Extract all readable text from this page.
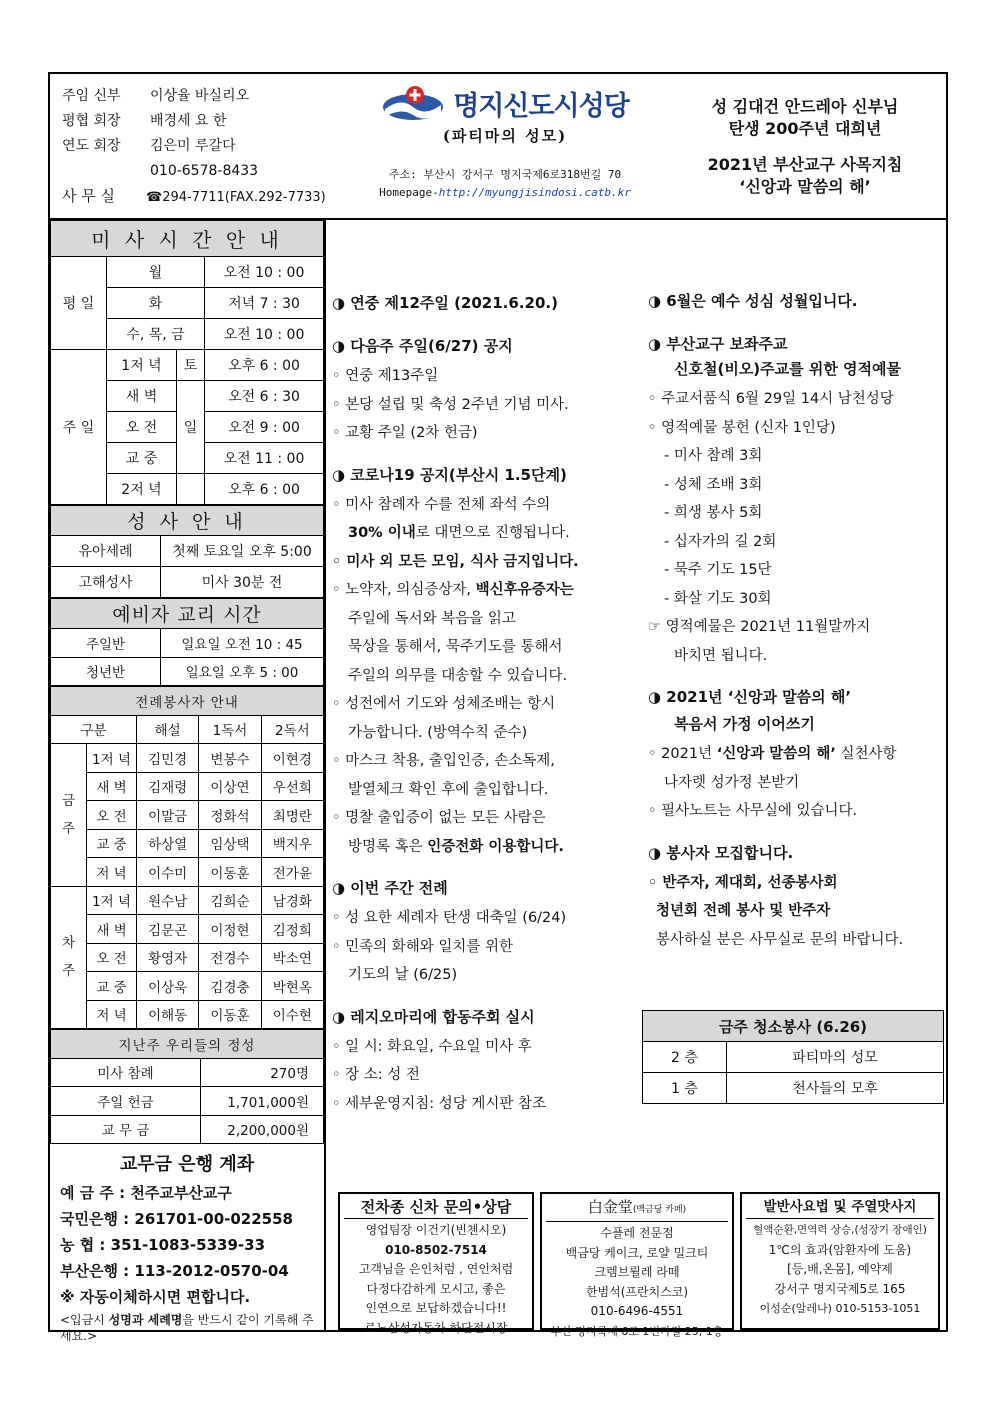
주임 신부 이상율 바실리오
평협 회장 배경세 요 한
연도 회장 김은미 루갈다
010-6578-8433
사 무 실 ☎294-7711(FAX.292-7733)
명지신도시성당
(파티마의 성모)
주소: 부산시 강서구 명지국제6로318번길 70
Homepage-http://myungjisindosi.catb.kr
성 김대건 안드레아 신부님
탄생 200주년 대희년
2021년 부산교구 사목지침
‘신앙과 말씀의 해’
미 사 시 간 안 내			
평 일	월		오전 10 : 00
	화		저녁 7 : 30
	수, 목, 금		오전 10 : 00
주 일	1저 녁	토	오후 6 : 00
	새 벽	일	오전 6 : 30
	오 전		오전 9 : 00
	교 중		오전 11 : 00
	2저 녁		오후 6 : 00
성 사 안 내	
유아세례	첫째 토요일 오후 5:00
고해성사	미사 30분 전
예비자 교리 시간	
주일반	일요일 오전 10 : 45
청년반	일요일 오후 5 : 00
전례봉사자 안내				
구분		해설	1독서	2독서
금

주	1저 녁	김민경	변봉수	이현경
	새 벽	김재령	이상연	우선희
	오 전	이말금	정화석	최명란
	교 중	하상열	임상택	백지우
	저 녁	이수미	이동훈	전가윤
차

주	1저 녁	원수남	김희순	남경화
	새 벽	김문곤	이정현	김정희
	오 전	황영자	전경수	박소연
	교 중	이상욱	김경충	박현옥
	저 녁	이해동	이동훈	이수현
지난주 우리들의 정성	
미사 참례	270명
주일 헌금	1,701,000원
교 무 금	2,200,000원
교무금 은행 계좌
예 금 주 : 천주교부산교구
국민은행 : 261701-00-022558
농 협 : 351-1083-5339-33
부산은행 : 113-2012-0570-04
※ 자동이체하시면 편합니다.
<입금시 성명과 세례명을 반드시 같이 기록해 주세요.>
◑ 연중 제12주일 (2021.6.20.)
◑ 다음주 주일(6/27) 공지
◦ 연중 제13주일
◦ 본당 설립 및 축성 2주년 기념 미사.
◦ 교황 주일 (2차 헌금)
◑ 코로나19 공지(부산시 1.5단계)
◦ 미사 참례자 수를 전체 좌석 수의
30% 이내로 대면으로 진행됩니다.
◦ 미사 외 모든 모임, 식사 금지입니다.
◦ 노약자, 의심증상자, 백신후유증자는
주일에 독서와 복음을 읽고
묵상을 통해서, 묵주기도를 통해서
주일의 의무를 대송할 수 있습니다.
◦ 성전에서 기도와 성체조배는 항시
가능합니다. (방역수칙 준수)
◦ 마스크 착용, 출입인증, 손소독제,
발열체크 확인 후에 출입합니다.
◦ 명찰 출입증이 없는 모든 사람은
방명록 혹은 인증전화 이용합니다.
◑ 이번 주간 전례
◦ 성 요한 세례자 탄생 대축일 (6/24)
◦ 민족의 화해와 일치를 위한
기도의 날 (6/25)
◑ 레지오마리에 합동주회 실시
◦ 일 시: 화요일, 수요일 미사 후
◦ 장 소: 성 전
◦ 세부운영지침: 성당 게시판 참조
◑ 6월은 예수 성심 성월입니다.
◑ 부산교구 보좌주교
신호철(비오)주교를 위한 영적예물
◦ 주교서품식 6월 29일 14시 남천성당
◦ 영적예물 봉헌 (신자 1인당)
- 미사 참례 3회
- 성체 조배 3회
- 희생 봉사 5회
- 십자가의 길 2회
- 묵주 기도 15단
- 화살 기도 30회
☞ 영적예물은 2021년 11월말까지
바치면 됩니다.
◑ 2021년 ‘신앙과 말씀의 해’
복음서 가정 이어쓰기
◦ 2021년 ‘신앙과 말씀의 해’ 실천사항
나자렛 성가정 본받기
◦ 필사노트는 사무실에 있습니다.
◑ 봉사자 모집합니다.
◦ 반주자, 제대회, 선종봉사회
청년회 전례 봉사 및 반주자
봉사하실 분은 사무실로 문의 바랍니다.
금주 청소봉사 (6.26)	
2 층	파티마의 성모
1 층	천사들의 모후
전차종 신차 문의•상담
영업팀장 이건기(빈첸시오)
010-8502-7514
고객님을 은인처럼 , 연인처럼
다정다감하게 모시고, 좋은
인연으로 보답하겠습니다!!
르노삼성자동차 하단전시장
白金堂(백금당 카페)
수플레 전문점
백금당 케이크, 로얄 밀크티
크렘브륄레 라떼
한범석(프란치스코)
010-6496-4551
부산 명지국제 6로 1번가길 25, 1층
발반사요법 및 주열맛사지
혈액순환,면역력 상승,(성장기 장애인)
1℃의 효과(암환자에 도움)
[등,배,온몸], 예약제
강서구 명지국제5로 165
이성순(알레나) 010-5153-1051
